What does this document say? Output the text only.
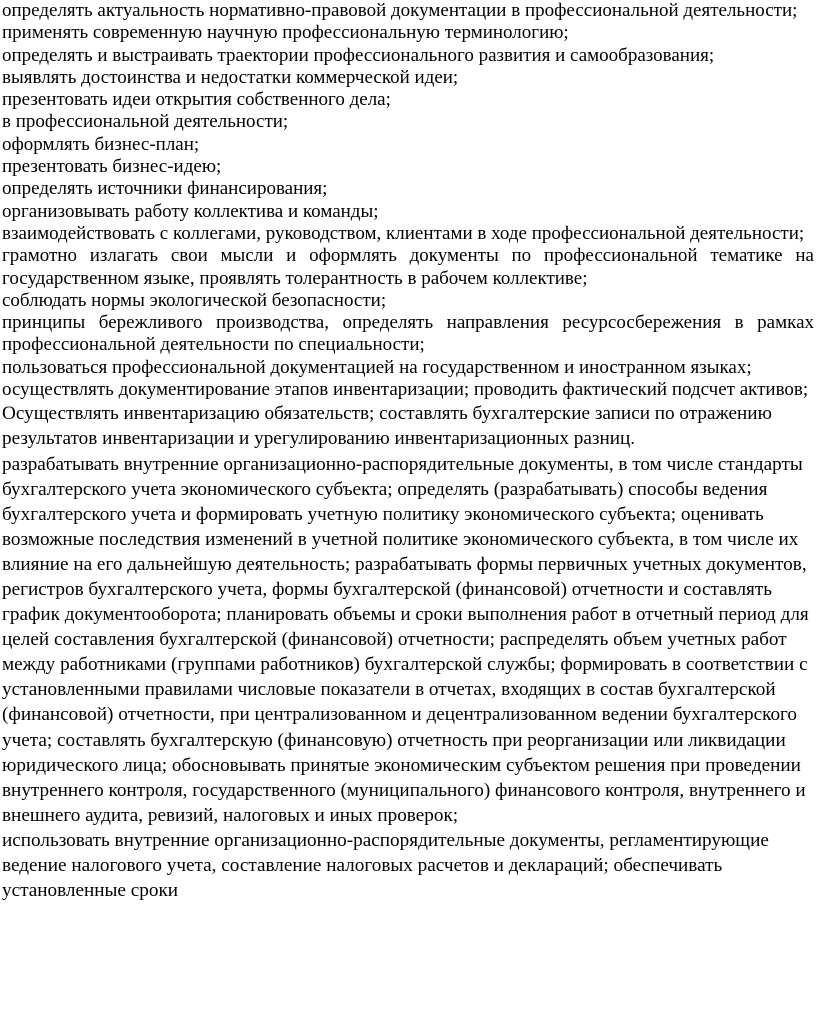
определять актуальность нормативно-правовой документации в профессиональной деятельности;

применять современную научную профессиональную терминологию;

определять и выстраивать траектории профессионального развития и самообразования;

выявлять достоинства и недостатки коммерческой идеи;

презентовать идеи открытия собственного дела;

в профессиональной деятельности;

оформлять бизнес-план;

презентовать бизнес-идею;

определять источники финансирования;

организовывать работу коллектива и команды;

взаимодействовать с коллегами, руководством, клиентами в ходе профессиональной деятельности;

грамотно излагать свои мысли и оформлять документы по профессиональной тематике на государственном языке, проявлять толерантность в рабочем коллективе;

соблюдать нормы экологической безопасности;

принципы бережливого производства, определять направления ресурсосбережения в рамках профессиональной деятельности по специальности;

пользоваться профессиональной документацией на государственном и иностранном языках;

осуществлять документирование этапов инвентаризации; проводить фактический подсчет активов;

Осуществлять инвентаризацию обязательств; составлять бухгалтерские записи по отражению результатов инвентаризации и урегулированию инвентаризационных разниц.

разрабатывать внутренние организационно-распорядительные документы, в том числе стандарты бухгалтерского учета экономического субъекта; определять (разрабатывать) способы ведения бухгалтерского учета и формировать учетную политику экономического субъекта; оценивать возможные последствия изменений в учетной политике экономического субъекта, в том числе их влияние на его дальнейшую деятельность; разрабатывать формы первичных учетных документов, регистров бухгалтерского учета, формы бухгалтерской (финансовой) отчетности и составлять график документооборота; планировать объемы и сроки выполнения работ в отчетный период для целей составления бухгалтерской (финансовой) отчетности; распределять объем учетных работ между работниками (группами работников) бухгалтерской службы; формировать в соответствии с установленными правилами числовые показатели в отчетах, входящих в состав бухгалтерской (финансовой) отчетности, при централизованном и децентрализованном ведении бухгалтерского учета; составлять бухгалтерскую (финансовую) отчетность при реорганизации или ликвидации юридического лица; обосновывать принятые экономическим субъектом решения при проведении внутреннего контроля, государственного (муниципального) финансового контроля, внутреннего и внешнего аудита, ревизий, налоговых и иных проверок;

использовать внутренние организационно-распорядительные документы, регламентирующие ведение налогового учета, составление налоговых расчетов и деклараций; обеспечивать установленные сроки
